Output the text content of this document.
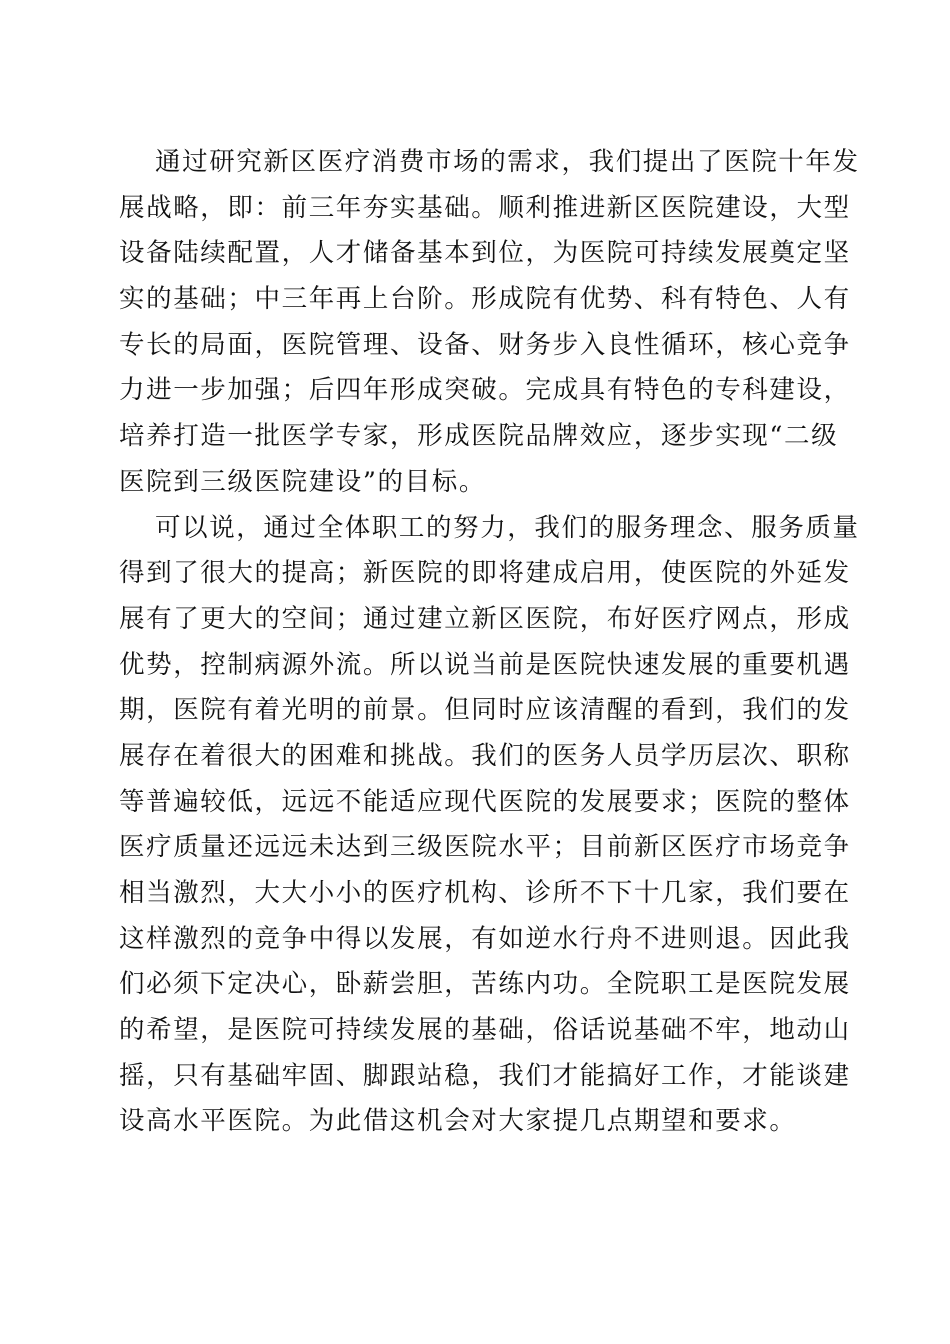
通过研究新区医疗消费市场的需求，我们提出了医院十年发
展战略，即：前三年夯实基础。顺利推进新区医院建设，大型
设备陆续配置，人才储备基本到位，为医院可持续发展奠定坚
实的基础；中三年再上台阶。形成院有优势、科有特色、人有
专长的局面，医院管理、设备、财务步入良性循环，核心竞争
力进一步加强；后四年形成突破。完成具有特色的专科建设，
培养打造一批医学专家，形成医院品牌效应，逐步实现“二级
医院到三级医院建设”的目标。

可以说，通过全体职工的努力，我们的服务理念、服务质量
得到了很大的提高；新医院的即将建成启用，使医院的外延发
展有了更大的空间；通过建立新区医院，布好医疗网点，形成
优势，控制病源外流。所以说当前是医院快速发展的重要机遇
期，医院有着光明的前景。但同时应该清醒的看到，我们的发
展存在着很大的困难和挑战。我们的医务人员学历层次、职称
等普遍较低，远远不能适应现代医院的发展要求；医院的整体
医疗质量还远远未达到三级医院水平；目前新区医疗市场竞争
相当激烈，大大小小的医疗机构、诊所不下十几家，我们要在
这样激烈的竞争中得以发展，有如逆水行舟不进则退。因此我
们必须下定决心，卧薪尝胆，苦练内功。全院职工是医院发展
的希望，是医院可持续发展的基础，俗话说基础不牢，地动山
摇，只有基础牢固、脚跟站稳，我们才能搞好工作，才能谈建
设高水平医院。为此借这机会对大家提几点期望和要求。
